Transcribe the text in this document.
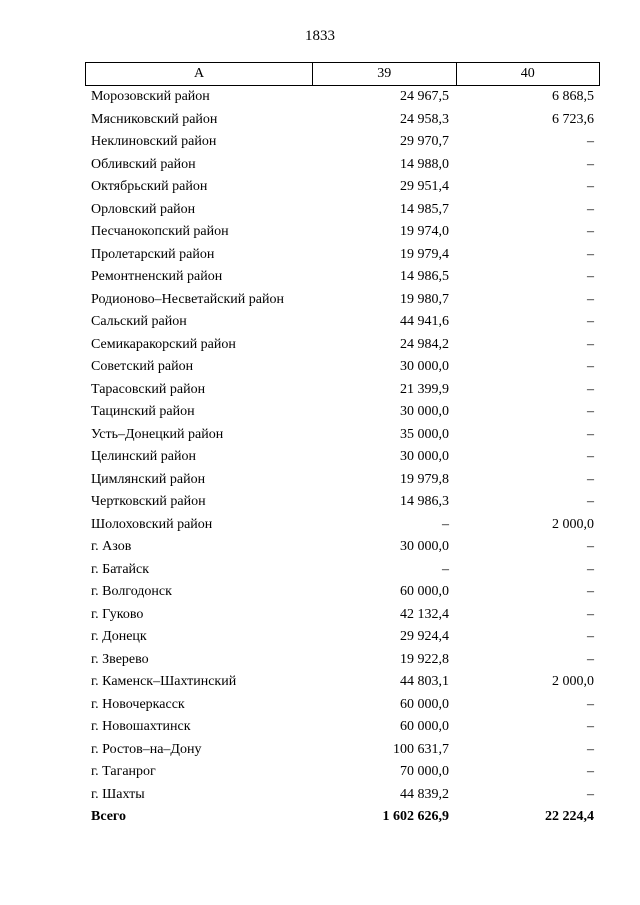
1833
А	39	40
Морозовский район	24 967,5	6 868,5
Мясниковский район	24 958,3	6 723,6
Неклиновский район	29 970,7	–
Обливский район	14 988,0	–
Октябрьский район	29 951,4	–
Орловский район	14 985,7	–
Песчанокопский район	19 974,0	–
Пролетарский район	19 979,4	–
Ремонтненский район	14 986,5	–
Родионово–Несветайский район	19 980,7	–
Сальский район	44 941,6	–
Семикаракорский район	24 984,2	–
Советский район	30 000,0	–
Тарасовский район	21 399,9	–
Тацинский район	30 000,0	–
Усть–Донецкий район	35 000,0	–
Целинский район	30 000,0	–
Цимлянский район	19 979,8	–
Чертковский район	14 986,3	–
Шолоховский район	–	2 000,0
г. Азов	30 000,0	–
г. Батайск	–	–
г. Волгодонск	60 000,0	–
г. Гуково	42 132,4	–
г. Донецк	29 924,4	–
г. Зверево	19 922,8	–
г. Каменск–Шахтинский	44 803,1	2 000,0
г. Новочеркасск	60 000,0	–
г. Новошахтинск	60 000,0	–
г. Ростов–на–Дону	100 631,7	–
г. Таганрог	70 000,0	–
г. Шахты	44 839,2	–
Всего	1 602 626,9	22 224,4
